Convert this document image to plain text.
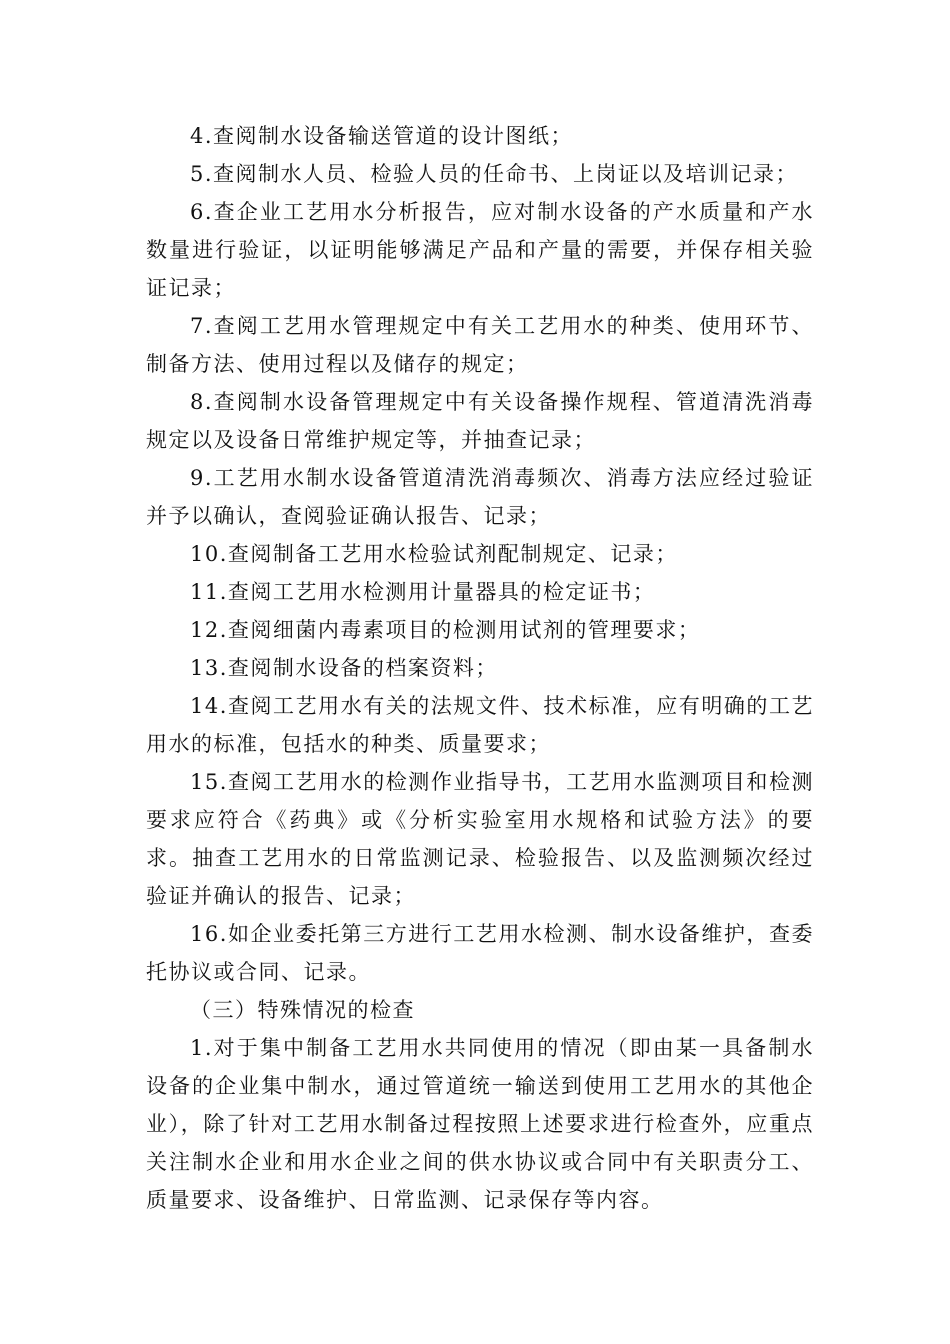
4.查阅制水设备输送管道的设计图纸；

5.查阅制水人员、检验人员的任命书、上岗证以及培训记录；

6.查企业工艺用水分析报告，应对制水设备的产水质量和产水数量进行验证，以证明能够满足产品和产量的需要，并保存相关验证记录；

7.查阅工艺用水管理规定中有关工艺用水的种类、使用环节、制备方法、使用过程以及储存的规定；

8.查阅制水设备管理规定中有关设备操作规程、管道清洗消毒规定以及设备日常维护规定等，并抽查记录；

9.工艺用水制水设备管道清洗消毒频次、消毒方法应经过验证并予以确认，查阅验证确认报告、记录；

10.查阅制备工艺用水检验试剂配制规定、记录；

11.查阅工艺用水检测用计量器具的检定证书；

12.查阅细菌内毒素项目的检测用试剂的管理要求；

13.查阅制水设备的档案资料；

14.查阅工艺用水有关的法规文件、技术标准，应有明确的工艺用水的标准，包括水的种类、质量要求；

15.查阅工艺用水的检测作业指导书，工艺用水监测项目和检测要求应符合《药典》或《分析实验室用水规格和试验方法》的要求。抽查工艺用水的日常监测记录、检验报告、以及监测频次经过验证并确认的报告、记录；

16.如企业委托第三方进行工艺用水检测、制水设备维护，查委托协议或合同、记录。

（三）特殊情况的检查

1.对于集中制备工艺用水共同使用的情况（即由某一具备制水设备的企业集中制水，通过管道统一输送到使用工艺用水的其他企业），除了针对工艺用水制备过程按照上述要求进行检查外，应重点关注制水企业和用水企业之间的供水协议或合同中有关职责分工、质量要求、设备维护、日常监测、记录保存等内容。
